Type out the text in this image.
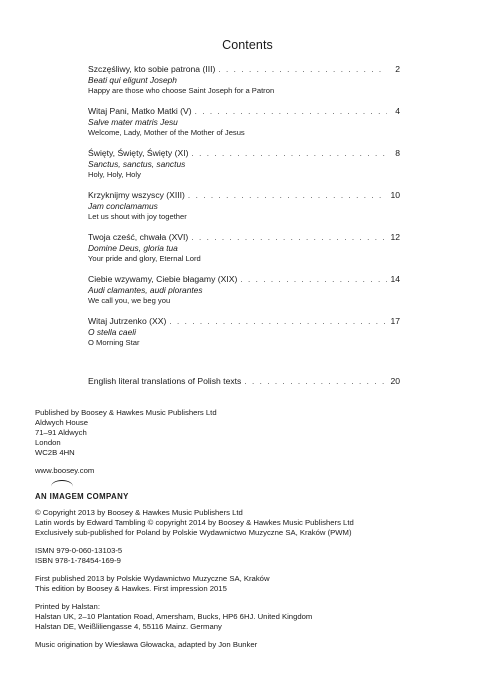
Contents
Szczęśliwy, kto sobie patrona (III) . . .	2
Beati qui eligunt Joseph
Happy are those who choose Saint Joseph for a Patron
Witaj Pani, Matko Matki (V) . . .	4
Salve mater matris Jesu
Welcome, Lady, Mother of the Mother of Jesus
Święty, Święty, Święty (XI) . . .	8
Sanctus, sanctus, sanctus
Holy, Holy, Holy
Krzyknijmy wszyscy (XIII) . . .	10
Jam conclamamus
Let us shout with joy together
Twoja cześć, chwała (XVI) . . .	12
Domine Deus, gloria tua
Your pride and glory, Eternal Lord
Ciebie wzywamy, Ciebie błagamy (XIX) . . .	14
Audi clamantes, audi plorantes
We call you, we beg you
Witaj Jutrzenko (XX) . . .	17
O stella caeli
O Morning Star
English literal translations of Polish texts . . .	20
Published by Boosey & Hawkes Music Publishers Ltd
Aldwych House
71–91 Aldwych
London
WC2B 4HN
www.boosey.com
AN IMAGEM COMPANY
© Copyright 2013 by Boosey & Hawkes Music Publishers Ltd
Latin words by Edward Tambling © copyright 2014 by Boosey & Hawkes Music Publishers Ltd
Exclusively sub-published for Poland by Polskie Wydawnictwo Muzyczne SA, Kraków (PWM)
ISMN 979-0-060-13103-5
ISBN 978-1-78454-169-9
First published 2013 by Polskie Wydawnictwo Muzyczne SA, Kraków
This edition by Boosey & Hawkes. First impression 2015
Printed by Halstan:
Halstan UK, 2–10 Plantation Road, Amersham, Bucks, HP6 6HJ. United Kingdom
Halstan DE, Weißliliengasse 4, 55116 Mainz. Germany
Music origination by Wiesława Głowacka, adapted by Jon Bunker
